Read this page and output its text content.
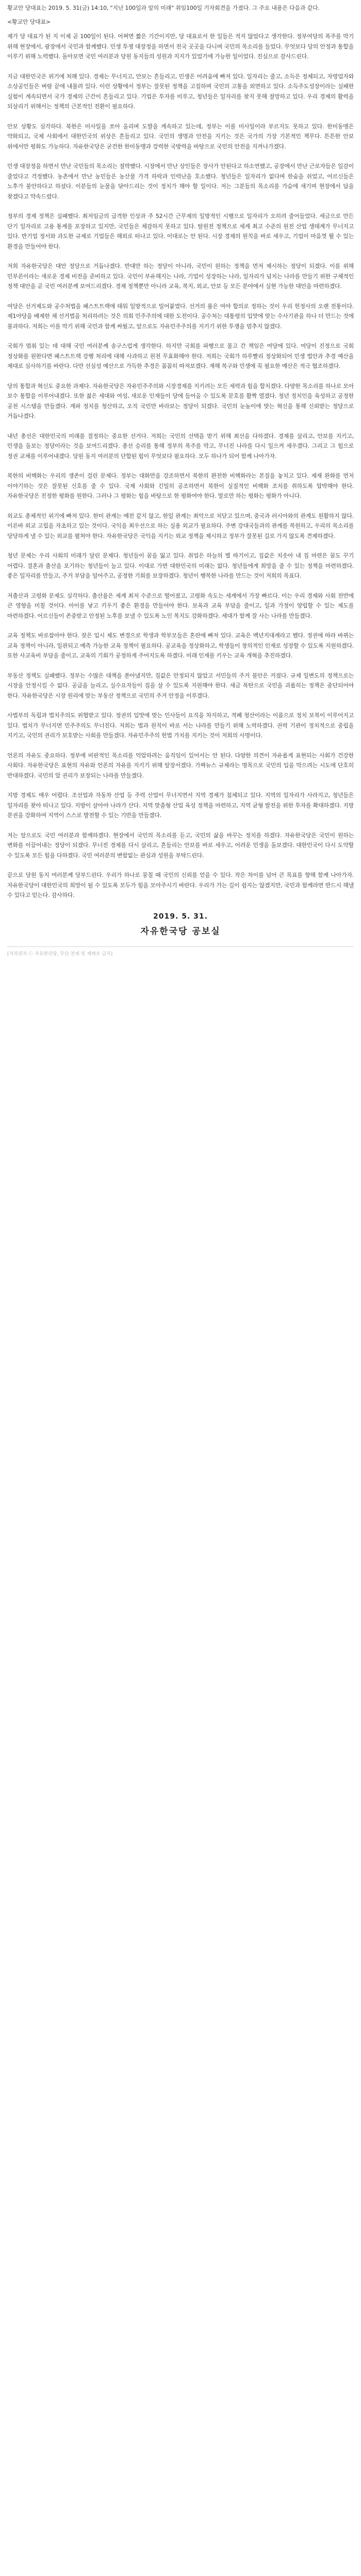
황교안 당대표는 2019. 5. 31(금) 14:10, "지난 100일과 앞의 미래" 취임100일 기자회견을 가졌다. 그 주요 내용은 다음과 같다.

<황교안 당대표>

제가 당 대표가 된 지 이제 곧 100일이 된다. 어쩌면 짧은 기간이지만, 당 대표로서 한 일들은 적지 않았다고 생각한다. 정부여당의 폭주를 막기 위해 현장에서, 광장에서 국민과 함께했다. 민생 투쟁 대장정을 하면서 전국 곳곳을 다니며 국민의 목소리를 들었다. 무엇보다 당의 안정과 통합을 이루기 위해 노력했다. 돌아보면 국민 여러분과 당원 동지들의 성원과 지지가 있었기에 가능한 일이었다. 진심으로 감사드린다.

지금 대한민국은 위기에 처해 있다. 경제는 무너지고, 안보는 흔들리고, 민생은 어려움에 빠져 있다. 일자리는 줄고, 소득은 정체되고, 자영업자와 소상공인들은 벼랑 끝에 내몰려 있다. 이런 상황에서 정부는 잘못된 정책을 고집하며 국민의 고통을 외면하고 있다. 소득주도성장이라는 실패한 실험이 계속되면서 국가 경제의 근간이 흔들리고 있다. 기업은 투자를 미루고, 청년들은 일자리를 찾지 못해 절망하고 있다. 우리 경제의 활력을 되살리기 위해서는 정책의 근본적인 전환이 필요하다.

안보 상황도 심각하다. 북한은 미사일을 쏘아 올리며 도발을 계속하고 있는데, 정부는 이를 미사일이라 부르지도 못하고 있다. 한미동맹은 약화되고, 국제 사회에서 대한민국의 위상은 흔들리고 있다. 국민의 생명과 안전을 지키는 것은 국가의 가장 기본적인 책무다. 튼튼한 안보 위에서만 평화도 가능하다. 자유한국당은 굳건한 한미동맹과 강력한 국방력을 바탕으로 국민의 안전을 지켜나가겠다.

민생 대장정을 하면서 만난 국민들의 목소리는 절박했다. 시장에서 만난 상인들은 장사가 안된다고 하소연했고, 공장에서 만난 근로자들은 일감이 줄었다고 걱정했다. 농촌에서 만난 농민들은 농산물 가격 하락과 인력난을 호소했다. 청년들은 일자리가 없다며 한숨을 쉬었고, 어르신들은 노후가 불안하다고 하셨다. 이분들의 눈물을 닦아드리는 것이 정치가 해야 할 일이다. 저는 그분들의 목소리를 가슴에 새기며 현장에서 답을 찾겠다고 약속드렸다.

정부의 경제 정책은 실패했다. 최저임금의 급격한 인상과 주 52시간 근무제의 일방적인 시행으로 일자리가 오히려 줄어들었다. 세금으로 만든 단기 일자리로 고용 통계를 포장하고 있지만, 국민들은 체감하지 못하고 있다. 탈원전 정책으로 세계 최고 수준의 원전 산업 생태계가 무너지고 있다. 반기업 정서와 과도한 규제로 기업들은 해외로 떠나고 있다. 이대로는 안 된다. 시장 경제의 원칙을 바로 세우고, 기업이 마음껏 뛸 수 있는 환경을 만들어야 한다.

저희 자유한국당은 대안 정당으로 거듭나겠다. 반대만 하는 정당이 아니라, 국민이 원하는 정책을 먼저 제시하는 정당이 되겠다. 이를 위해 민부론이라는 새로운 경제 비전을 준비하고 있다. 국민이 부유해지는 나라, 기업이 성장하는 나라, 일자리가 넘치는 나라를 만들기 위한 구체적인 정책 대안을 곧 국민 여러분께 보여드리겠다. 경제 정책뿐만 아니라 교육, 복지, 외교, 안보 등 모든 분야에서 실현 가능한 대안을 마련하겠다.

여당은 선거제도와 공수처법을 패스트트랙에 태워 일방적으로 밀어붙였다. 선거의 룰은 여야 합의로 정하는 것이 우리 헌정사의 오랜 전통이다. 제1야당을 배제한 채 선거법을 처리하려는 것은 의회 민주주의에 대한 도전이다. 공수처는 대통령의 입맛에 맞는 수사기관을 하나 더 만드는 것에 불과하다. 저희는 이를 막기 위해 국민과 함께 싸웠고, 앞으로도 자유민주주의를 지키기 위한 투쟁을 멈추지 않겠다.

국회가 멈춰 있는 데 대해 국민 여러분께 송구스럽게 생각한다. 하지만 국회를 파행으로 몰고 간 책임은 여당에 있다. 여당이 진정으로 국회 정상화를 원한다면 패스트트랙 강행 처리에 대해 사과하고 원천 무효화해야 한다. 저희는 국회가 하루빨리 정상화되어 민생 법안과 추경 예산을 제대로 심사하기를 바란다. 다만 선심성 예산으로 가득한 추경은 꼼꼼히 따져보겠다. 재해 복구와 민생에 꼭 필요한 예산은 적극 협조하겠다.

당의 통합과 혁신도 중요한 과제다. 자유한국당은 자유민주주의와 시장경제를 지키려는 모든 세력과 힘을 합치겠다. 다양한 목소리를 하나로 모아 보수 통합을 이루어내겠다. 또한 젊은 세대와 여성, 새로운 인재들이 당에 들어올 수 있도록 문호를 활짝 열겠다. 청년 정치인을 육성하고 공정한 공천 시스템을 만들겠다. 계파 정치를 청산하고, 오직 국민만 바라보는 정당이 되겠다. 국민의 눈높이에 맞는 혁신을 통해 신뢰받는 정당으로 거듭나겠다.

내년 총선은 대한민국의 미래를 결정하는 중요한 선거다. 저희는 국민의 선택을 받기 위해 최선을 다하겠다. 경제를 살리고, 안보를 지키고, 민생을 돌보는 정당이라는 것을 보여드리겠다. 총선 승리를 통해 정부의 폭주를 막고, 무너진 나라를 다시 일으켜 세우겠다. 그리고 그 힘으로 정권 교체를 이루어내겠다. 당원 동지 여러분의 단합된 힘이 무엇보다 필요하다. 모두 하나가 되어 함께 나아가자.

북한의 비핵화는 우리의 생존이 걸린 문제다. 정부는 대화만을 강조하면서 북한의 완전한 비핵화라는 본질을 놓치고 있다. 제재 완화를 먼저 이야기하는 것은 잘못된 신호를 줄 수 있다. 국제 사회와 긴밀히 공조하면서 북한이 실질적인 비핵화 조치를 취하도록 압박해야 한다. 자유한국당은 진정한 평화를 원한다. 그러나 그 평화는 힘을 바탕으로 한 평화여야 한다. 말로만 하는 평화는 평화가 아니다.

외교도 총체적인 위기에 빠져 있다. 한미 관계는 예전 같지 않고, 한일 관계는 최악으로 치닫고 있으며, 중국과 러시아와의 관계도 원활하지 않다. 이른바 외교 고립을 자초하고 있는 것이다. 국익을 최우선으로 하는 실용 외교가 필요하다. 주변 강대국들과의 관계를 복원하고, 우리의 목소리를 당당하게 낼 수 있는 외교를 펼쳐야 한다. 자유한국당은 국익을 지키는 외교 정책을 제시하고 정부가 잘못된 길로 가지 않도록 견제하겠다.

청년 문제는 우리 사회의 미래가 달린 문제다. 청년들이 꿈을 잃고 있다. 취업은 하늘의 별 따기이고, 집값은 치솟아 내 집 마련은 꿈도 꾸기 어렵다. 결혼과 출산을 포기하는 청년들이 늘고 있다. 이대로 가면 대한민국의 미래는 없다. 청년들에게 희망을 줄 수 있는 정책을 마련하겠다. 좋은 일자리를 만들고, 주거 부담을 덜어주고, 공정한 기회를 보장하겠다. 청년이 행복한 나라를 만드는 것이 저희의 목표다.

저출산과 고령화 문제도 심각하다. 출산율은 세계 최저 수준으로 떨어졌고, 고령화 속도는 세계에서 가장 빠르다. 이는 우리 경제와 사회 전반에 큰 영향을 미칠 것이다. 아이를 낳고 키우기 좋은 환경을 만들어야 한다. 보육과 교육 부담을 줄이고, 일과 가정이 양립할 수 있는 제도를 마련하겠다. 어르신들이 존중받고 안정된 노후를 보낼 수 있도록 노인 복지도 강화하겠다. 세대가 함께 잘 사는 나라를 만들겠다.

교육 정책도 바로잡아야 한다. 잦은 입시 제도 변경으로 학생과 학부모들은 혼란에 빠져 있다. 교육은 백년지대계라고 했다. 정권에 따라 바뀌는 교육 정책이 아니라, 일관되고 예측 가능한 교육 정책이 필요하다. 공교육을 정상화하고, 학생들이 창의적인 인재로 성장할 수 있도록 지원하겠다. 또한 사교육비 부담을 줄이고, 교육의 기회가 공정하게 주어지도록 하겠다. 미래 인재를 키우는 교육 개혁을 추진하겠다.

부동산 정책도 실패했다. 정부는 수많은 대책을 쏟아냈지만, 집값은 안정되지 않았고 서민들의 주거 불안은 커졌다. 규제 일변도의 정책으로는 시장을 안정시킬 수 없다. 공급을 늘리고, 실수요자들이 집을 살 수 있도록 지원해야 한다. 세금 폭탄으로 국민을 괴롭히는 정책은 중단되어야 한다. 자유한국당은 시장 원리에 맞는 부동산 정책으로 국민의 주거 안정을 이루겠다.

사법부의 독립과 법치주의도 위협받고 있다. 정권의 입맛에 맞는 인사들이 요직을 차지하고, 적폐 청산이라는 이름으로 정치 보복이 이루어지고 있다. 법치가 무너지면 민주주의도 무너진다. 저희는 법과 원칙이 바로 서는 나라를 만들기 위해 노력하겠다. 권력 기관이 정치적으로 중립을 지키고, 국민의 권리가 보호받는 사회를 만들겠다. 자유민주주의 헌법 가치를 지키는 것이 저희의 사명이다.

언론의 자유도 중요하다. 정부에 비판적인 목소리를 억압하려는 움직임이 있어서는 안 된다. 다양한 의견이 자유롭게 표현되는 사회가 건강한 사회다. 자유한국당은 표현의 자유와 언론의 자유를 지키기 위해 앞장서겠다. 가짜뉴스 규제라는 명목으로 국민의 입을 막으려는 시도에 단호히 반대하겠다. 국민의 알 권리가 보장되는 나라를 만들겠다.

지방 경제도 매우 어렵다. 조선업과 자동차 산업 등 주력 산업이 무너지면서 지역 경제가 침체되고 있다. 지역의 일자리가 사라지고, 청년들은 일자리를 찾아 떠나고 있다. 지방이 살아야 나라가 산다. 지역 맞춤형 산업 육성 정책을 마련하고, 지역 균형 발전을 위한 투자를 확대하겠다. 지방 분권을 강화하여 지역이 스스로 발전할 수 있는 기반을 만들겠다.

저는 앞으로도 국민 여러분과 함께하겠다. 현장에서 국민의 목소리를 듣고, 국민의 삶을 바꾸는 정치를 하겠다. 자유한국당은 국민이 원하는 변화를 이끌어내는 정당이 되겠다. 무너진 경제를 다시 살리고, 흔들리는 안보를 바로 세우고, 어려운 민생을 돌보겠다. 대한민국이 다시 도약할 수 있도록 모든 힘을 다하겠다. 국민 여러분의 변함없는 관심과 성원을 부탁드린다.

끝으로 당원 동지 여러분께 당부드린다. 우리가 하나로 뭉칠 때 국민의 신뢰를 얻을 수 있다. 작은 차이를 넘어 큰 목표를 향해 함께 나아가자. 자유한국당이 대한민국의 희망이 될 수 있도록 모두가 힘을 모아주시기 바란다. 우리가 가는 길이 쉽지는 않겠지만, 국민과 함께라면 반드시 해낼 수 있다고 믿는다. 감사하다.

2019. 5. 31.
자유한국당 공보실
[저작권자 ⓒ 자유한국당, 무단 전재 및 재배포 금지]
